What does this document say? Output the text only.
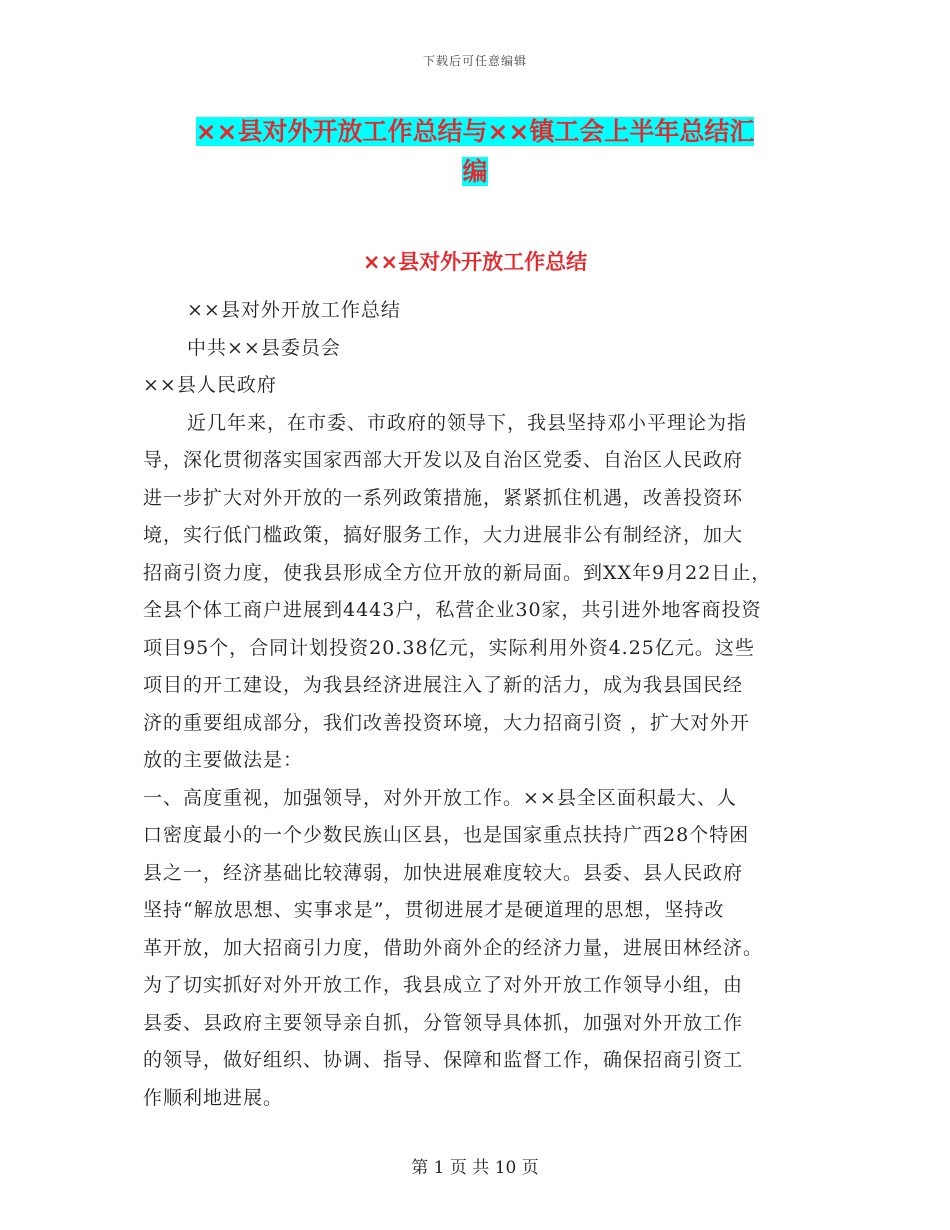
下载后可任意编辑
××县对外开放工作总结与××镇工会上半年总结汇
编
××县对外开放工作总结

××县对外开放工作总结

中共××县委员会

××县人民政府

近几年来，在市委、市政府的领导下，我县坚持邓小平理论为指

导，深化贯彻落实国家西部大开发以及自治区党委、自治区人民政府

进一步扩大对外开放的一系列政策措施，紧紧抓住机遇，改善投资环

境，实行低门槛政策，搞好服务工作，大力进展非公有制经济，加大

招商引资力度，使我县形成全方位开放的新局面。到XX年9月22日止，

全县个体工商户进展到4443户，私营企业30家，共引进外地客商投资

项目95个，合同计划投资20.38亿元，实际利用外资4.25亿元。这些

项目的开工建设，为我县经济进展注入了新的活力，成为我县国民经

济的重要组成部分，我们改善投资环境，大力招商引资 ，扩大对外开

放的主要做法是：

一、高度重视，加强领导，对外开放工作。××县全区面积最大、人

口密度最小的一个少数民族山区县，也是国家重点扶持广西28个特困

县之一，经济基础比较薄弱，加快进展难度较大。县委、县人民政府

坚持“解放思想、实事求是”，贯彻进展才是硬道理的思想，坚持改

革开放，加大招商引力度，借助外商外企的经济力量，进展田林经济。

为了切实抓好对外开放工作，我县成立了对外开放工作领导小组，由

县委、县政府主要领导亲自抓，分管领导具体抓，加强对外开放工作

的领导，做好组织、协调、指导、保障和监督工作，确保招商引资工

作顺利地进展。

第 1 页 共 10 页
